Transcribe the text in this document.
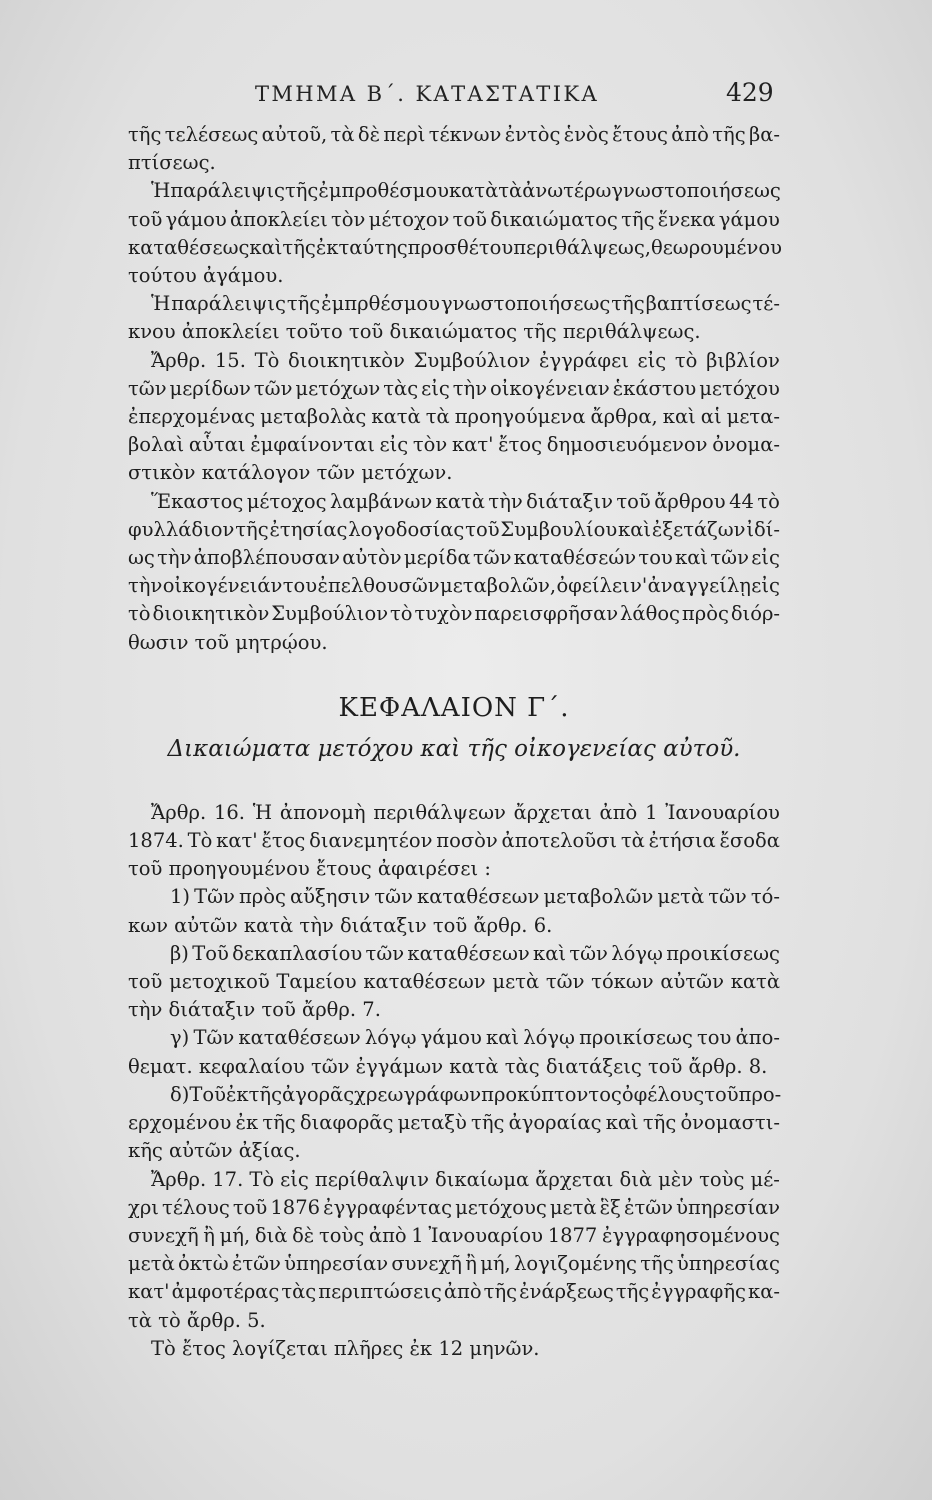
ΤΜΗΜΑ Β΄. ΚΑΤΑΣΤΑΤΙΚΑ	429
τῆς τελέσεως αὐτοῦ, τὰ δὲ περὶ τέκνων ἐντὸς ἑνὸς ἔτους ἀπὸ τῆς βα-
πτίσεως.
Ἡ παράλειψις τῆς ἐμπροθέσμου κατὰ τὰ ἀνωτέρω γνωστοποιήσεως
τοῦ γάμου ἀποκλείει τὸν μέτοχον τοῦ δικαιώματος τῆς ἕνεκα γάμου
καταθέσεως καὶ τῆς ἐκ ταύτης προσθέτου περιθάλψεως, θεωρουμένου
τούτου ἀγάμου.
Ἡ παράλειψις τῆς ἐμπρθέσμου γνωστοποιήσεως τῆς βαπτίσεως τέ-
κνου ἀποκλείει τοῦτο τοῦ δικαιώματος τῆς περιθάλψεως.
Ἄρθρ. 15. Τὸ διοικητικὸν Συμβούλιον ἐγγράφει εἰς τὸ βιβλίον
τῶν μερίδων τῶν μετόχων τὰς εἰς τὴν οἰκογένειαν ἑκάστου μετόχου
ἐπερχομένας μεταβολὰς κατὰ τὰ προηγούμενα ἄρθρα, καὶ αἱ μετα-
βολαὶ αὗται ἐμφαίνονται εἰς τὸν κατ' ἔτος δημοσιευόμενον ὀνομα-
στικὸν κατάλογον τῶν μετόχων.
Ἕκαστος μέτοχος λαμβάνων κατὰ τὴν διάταξιν τοῦ ἄρθρου 44 τὸ
φυλλάδιον τῆς ἐτησίας λογοδοσίας τοῦ Συμβουλίου καὶ ἐξετάζων ἰδί-
ως τὴν ἀποβλέπουσαν αὐτὸν μερίδα τῶν καταθέσεών του καὶ τῶν εἰς
τὴν οἰκογένειάν του ἐπελθουσῶν μεταβολῶν, ὀφείλει ν' ἀναγγείλῃ εἰς
τὸ διοικητικὸν Συμβούλιον τὸ τυχὸν παρεισφρῆσαν λάθος πρὸς διόρ-
θωσιν τοῦ μητρῴου.
ΚΕΦΑΛΑΙΟΝ Γ΄.
Δικαιώματα μετόχου καὶ τῆς οἰκογενείας αὐτοῦ.
Ἄρθρ. 16. Ἡ ἀπονομὴ περιθάλψεων ἄρχεται ἀπὸ 1 Ἰανουαρίου
1874. Τὸ κατ' ἔτος διανεμητέον ποσὸν ἀποτελοῦσι τὰ ἐτήσια ἔσοδα
τοῦ προηγουμένου ἔτους ἀφαιρέσει :
1) Τῶν πρὸς αὔξησιν τῶν καταθέσεων μεταβολῶν μετὰ τῶν τό-
κων αὐτῶν κατὰ τὴν διάταξιν τοῦ ἄρθρ. 6.
β) Τοῦ δεκαπλασίου τῶν καταθέσεων καὶ τῶν λόγῳ προικίσεως
τοῦ μετοχικοῦ Ταμείου καταθέσεων μετὰ τῶν τόκων αὐτῶν κατὰ
τὴν διάταξιν τοῦ ἄρθρ. 7.
γ) Τῶν καταθέσεων λόγῳ γάμου καὶ λόγῳ προικίσεως του ἀπο-
θεματ. κεφαλαίου τῶν ἐγγάμων κατὰ τὰς διατάξεις τοῦ ἄρθρ. 8.
δ) Τοῦ ἐκ τῆς ἀγορᾶς χρεωγράφων προκύπτοντος ὀφέλους τοῦ προ-
ερχομένου ἐκ τῆς διαφορᾶς μεταξὺ τῆς ἀγοραίας καὶ τῆς ὀνομαστι-
κῆς αὐτῶν ἀξίας.
Ἄρθρ. 17. Τὸ εἰς περίθαλψιν δικαίωμα ἄρχεται διὰ μὲν τοὺς μέ-
χρι τέλους τοῦ 1876 ἐγγραφέντας μετόχους μετὰ ἓξ ἐτῶν ὑπηρεσίαν
συνεχῆ ἢ μή, διὰ δὲ τοὺς ἀπὸ 1 Ἰανουαρίου 1877 ἐγγραφησομένους
μετὰ ὀκτὼ ἐτῶν ὑπηρεσίαν συνεχῆ ἢ μή, λογιζομένης τῆς ὑπηρεσίας
κατ' ἀμφοτέρας τὰς περιπτώσεις ἀπὸ τῆς ἐνάρξεως τῆς ἐγγραφῆς κα-
τὰ τὸ ἄρθρ. 5.
Τὸ ἔτος λογίζεται πλῆρες ἐκ 12 μηνῶν.
